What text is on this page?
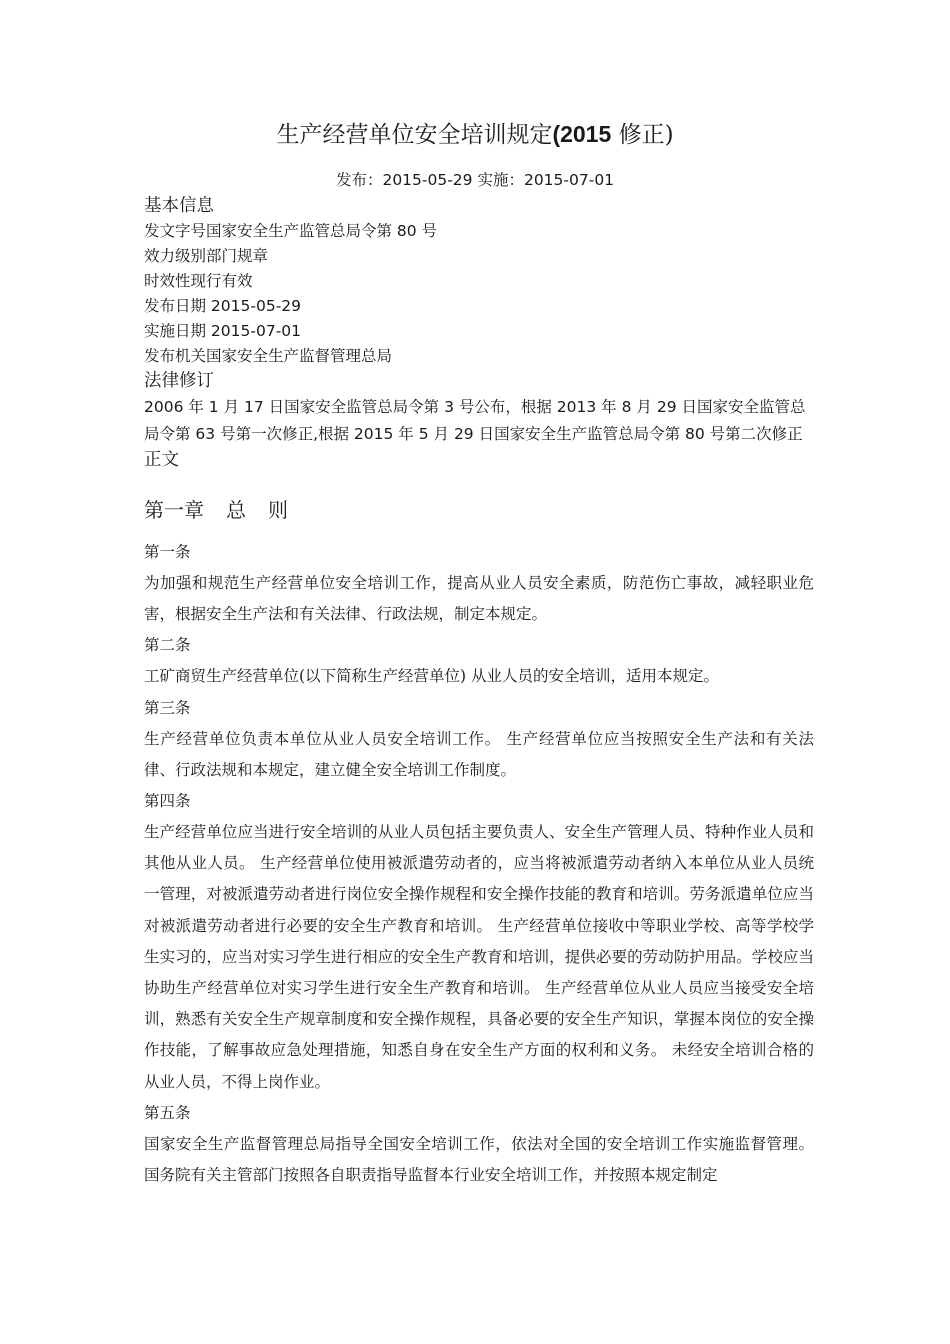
生产经营单位安全培训规定(2015 修正)
发布：2015-05-29 实施：2015-07-01

基本信息

发文字号国家安全生产监管总局令第 80 号

效力级别部门规章

时效性现行有效

发布日期 2015-05-29

实施日期 2015-07-01

发布机关国家安全生产监督管理总局

法律修订

2006 年 1 月 17 日国家安全监管总局令第 3 号公布，根据 2013 年 8 月 29 日国家安全监管总局令第 63 号第一次修正,根据 2015 年 5 月 29 日国家安全生产监管总局令第 80 号第二次修正

正文

第一章 总 则

第一条

为加强和规范生产经营单位安全培训工作，提高从业人员安全素质，防范伤亡事故，减轻职业危害，根据安全生产法和有关法律、行政法规，制定本规定。

第二条

工矿商贸生产经营单位(以下简称生产经营单位) 从业人员的安全培训，适用本规定。

第三条

生产经营单位负责本单位从业人员安全培训工作。 生产经营单位应当按照安全生产法和有关法律、行政法规和本规定，建立健全安全培训工作制度。

第四条

生产经营单位应当进行安全培训的从业人员包括主要负责人、安全生产管理人员、特种作业人员和其他从业人员。 生产经营单位使用被派遣劳动者的，应当将被派遣劳动者纳入本单位从业人员统一管理，对被派遣劳动者进行岗位安全操作规程和安全操作技能的教育和培训。劳务派遣单位应当对被派遣劳动者进行必要的安全生产教育和培训。 生产经营单位接收中等职业学校、高等学校学生实习的，应当对实习学生进行相应的安全生产教育和培训，提供必要的劳动防护用品。学校应当协助生产经营单位对实习学生进行安全生产教育和培训。 生产经营单位从业人员应当接受安全培训，熟悉有关安全生产规章制度和安全操作规程，具备必要的安全生产知识，掌握本岗位的安全操作技能，了解事故应急处理措施，知悉自身在安全生产方面的权利和义务。 未经安全培训合格的从业人员，不得上岗作业。

第五条

国家安全生产监督管理总局指导全国安全培训工作，依法对全国的安全培训工作实施监督管理。 国务院有关主管部门按照各自职责指导监督本行业安全培训工作，并按照本规定制定
